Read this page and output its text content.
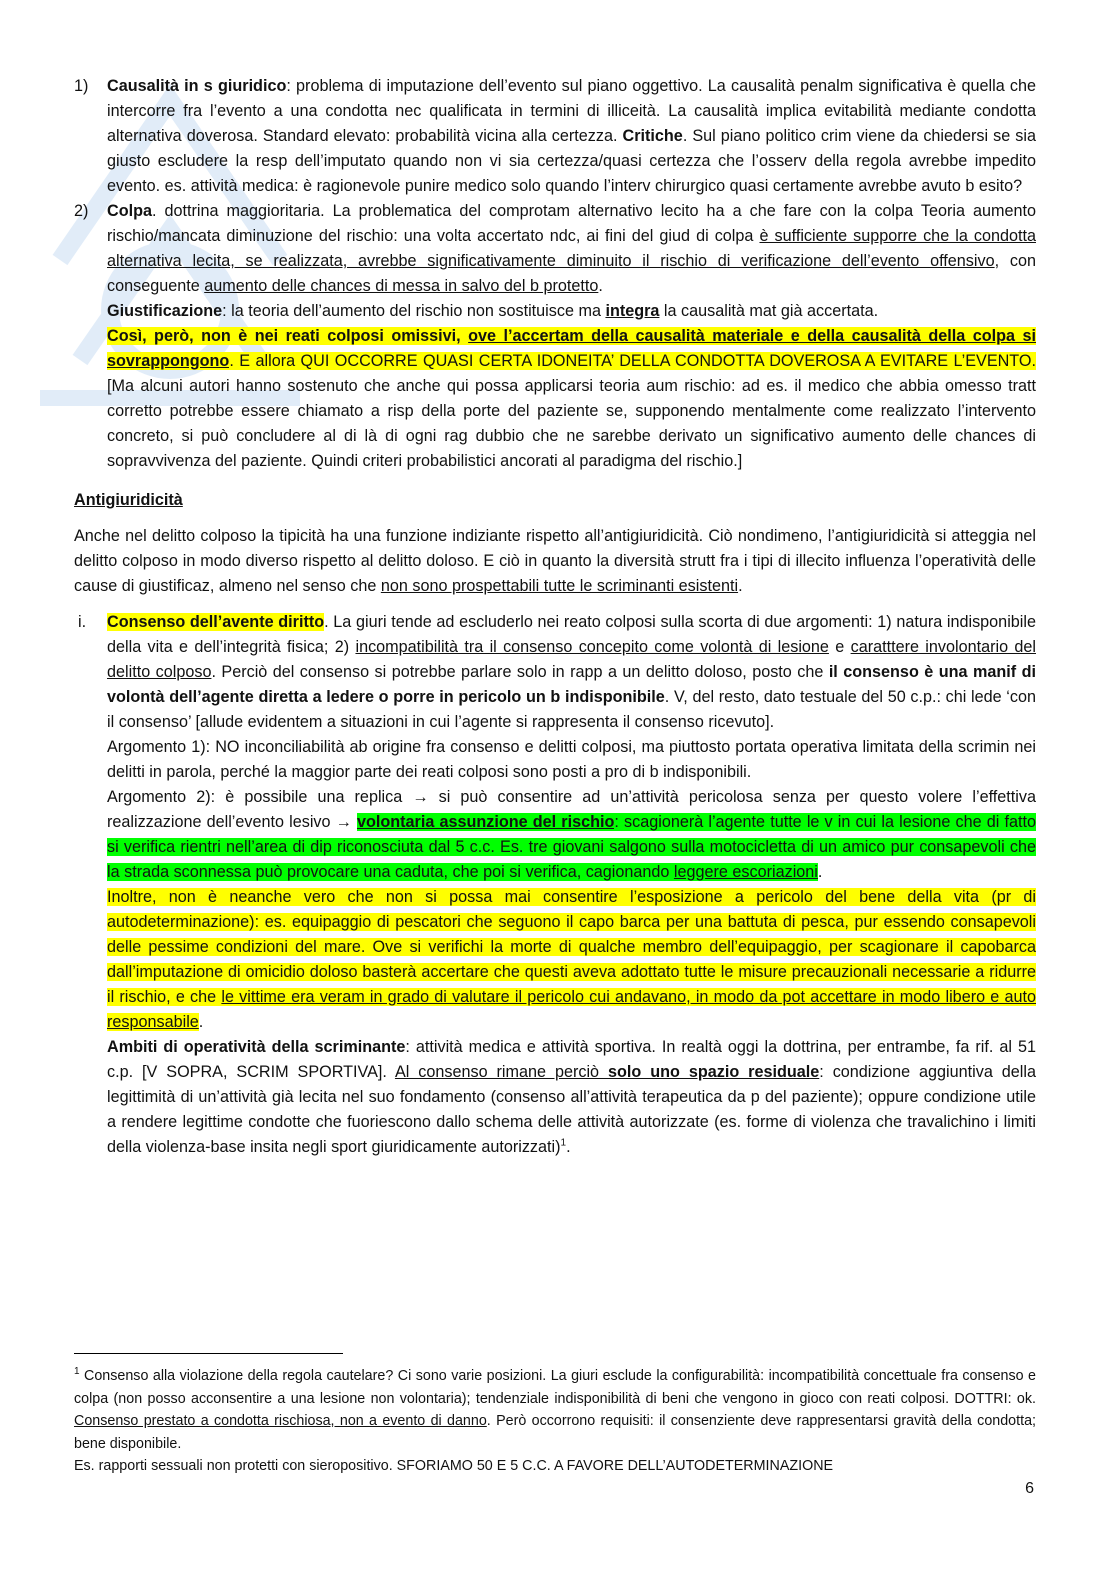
1) Causalità in s giuridico: problema di imputazione dell’evento sul piano oggettivo. La causalità penalm significativa è quella che intercorre fra l’evento a una condotta nec qualificata in termini di illiceità. La causalità implica evitabilità mediante condotta alternativa doverosa. Standard elevato: probabilità vicina alla certezza. Critiche. Sul piano politico crim viene da chiedersi se sia giusto escludere la resp dell’imputato quando non vi sia certezza/quasi certezza che l’osserv della regola avrebbe impedito evento. es. attività medica: è ragionevole punire medico solo quando l’interv chirurgico quasi certamente avrebbe avuto b esito?
2) Colpa. dottrina maggioritaria. La problematica del comprotam alternativo lecito ha a che fare con la colpa Teoria aumento rischio/mancata diminuzione del rischio: una volta accertato ndc, ai fini del giud di colpa è sufficiente supporre che la condotta alternativa lecita, se realizzata, avrebbe significativamente diminuito il rischio di verificazione dell’evento offensivo, con conseguente aumento delle chances di messa in salvo del b protetto.
Giustificazione: la teoria dell’aumento del rischio non sostituisce ma integra la causalità mat già accertata.
Così, però, non è nei reati colposi omissivi, ove l’accertam della causalità materiale e della causalità della colpa si sovrappongono. E allora QUI OCCORRE QUASI CERTA IDONEITA’ DELLA CONDOTTA DOVEROSA A EVITARE L’EVENTO. [Ma alcuni autori hanno sostenuto che anche qui possa applicarsi teoria aum rischio: ad es. il medico che abbia omesso tratt corretto potrebbe essere chiamato a risp della porte del paziente se, supponendo mentalmente come realizzato l’intervento concreto, si può concludere al di là di ogni rag dubbio che ne sarebbe derivato un significativo aumento delle chances di sopravvivenza del paziente. Quindi criteri probabilistici ancorati al paradigma del rischio.]

Antigiuridicità

Anche nel delitto colposo la tipicità ha una funzione indiziante rispetto all’antigiuridicità. Ciò nondimeno, l’antigiuridicità si atteggia nel delitto colposo in modo diverso rispetto al delitto doloso. E ciò in quanto la diversità strutt fra i tipi di illecito influenza l’operatività delle cause di giustificaz, almeno nel senso che non sono prospettabili tutte le scriminanti esistenti.

i. Consenso dell’avente diritto. La giuri tende ad escluderlo nei reato colposi sulla scorta di due argomenti: 1) natura indisponibile della vita e dell’integrità fisica; 2) incompatibilità tra il consenso concepito come volontà di lesione e caratttere involontario del delitto colposo. Perciò del consenso si potrebbe parlare solo in rapp a un delitto doloso, posto che il consenso è una manif di volontà dell’agente diretta a ledere o porre in pericolo un b indisponibile. V, del resto, dato testuale del 50 c.p.: chi lede ‘con il consenso’ [allude evidentem a situazioni in cui l’agente si rappresenta il consenso ricevuto].

Argomento 1): NO inconciliabilità ab origine fra consenso e delitti colposi, ma piuttosto portata operativa limitata della scrimin nei delitti in parola, perché la maggior parte dei reati colposi sono posti a pro di b indisponibili.

Argomento 2): è possibile una replica → si può consentire ad un’attività pericolosa senza per questo volere l’effettiva realizzazione dell’evento lesivo → volontaria assunzione del rischio: scagionerà l’agente tutte le v in cui la lesione che di fatto si verifica rientri nell’area di dip riconosciuta dal 5 c.c. Es. tre giovani salgono sulla motocicletta di un amico pur consapevoli che la strada sconnessa può provocare una caduta, che poi si verifica, cagionando leggere escoriazioni.

Inoltre, non è neanche vero che non si possa mai consentire l’esposizione a pericolo del bene della vita (pr di autodeterminazione): es. equipaggio di pescatori che seguono il capo barca per una battuta di pesca, pur essendo consapevoli delle pessime condizioni del mare. Ove si verifichi la morte di qualche membro dell’equipaggio, per scagionare il capobarca dall’imputazione di omicidio doloso basterà accertare che questi aveva adottato tutte le misure precauzionali necessarie a ridurre il rischio, e che le vittime era veram in grado di valutare il pericolo cui andavano, in modo da pot accettare in modo libero e auto responsabile.

Ambiti di operatività della scriminante: attività medica e attività sportiva. In realtà oggi la dottrina, per entrambe, fa rif. al 51 c.p. [V SOPRA, SCRIM SPORTIVA]. Al consenso rimane perciò solo uno spazio residuale: condizione aggiuntiva della legittimità di un’attività già lecita nel suo fondamento (consenso all’attività terapeutica da p del paziente); oppure condizione utile a rendere legittime condotte che fuoriescono dallo schema delle attività autorizzate (es. forme di violenza che travalichino i limiti della violenza-base insita negli sport giuridicamente autorizzati)$^1$.

$^1$ Consenso alla violazione della regola cautelare? Ci sono varie posizioni. La giuri esclude la configurabilità: incompatibilità concettuale fra consenso e colpa (non posso acconsentire a una lesione non volontaria); tendenziale indisponibilità di beni che vengono in gioco con reati colposi. DOTTRI: ok. Consenso prestato a condotta rischiosa, non a evento di danno. Però occorrono requisiti: il consenziente deve rappresentarsi gravità della condotta; bene disponibile.

Es. rapporti sessuali non protetti con sieropositivo. SFORIAMO 50 E 5 C.C. A FAVORE DELL’AUTODETERMINAZIONE

6
